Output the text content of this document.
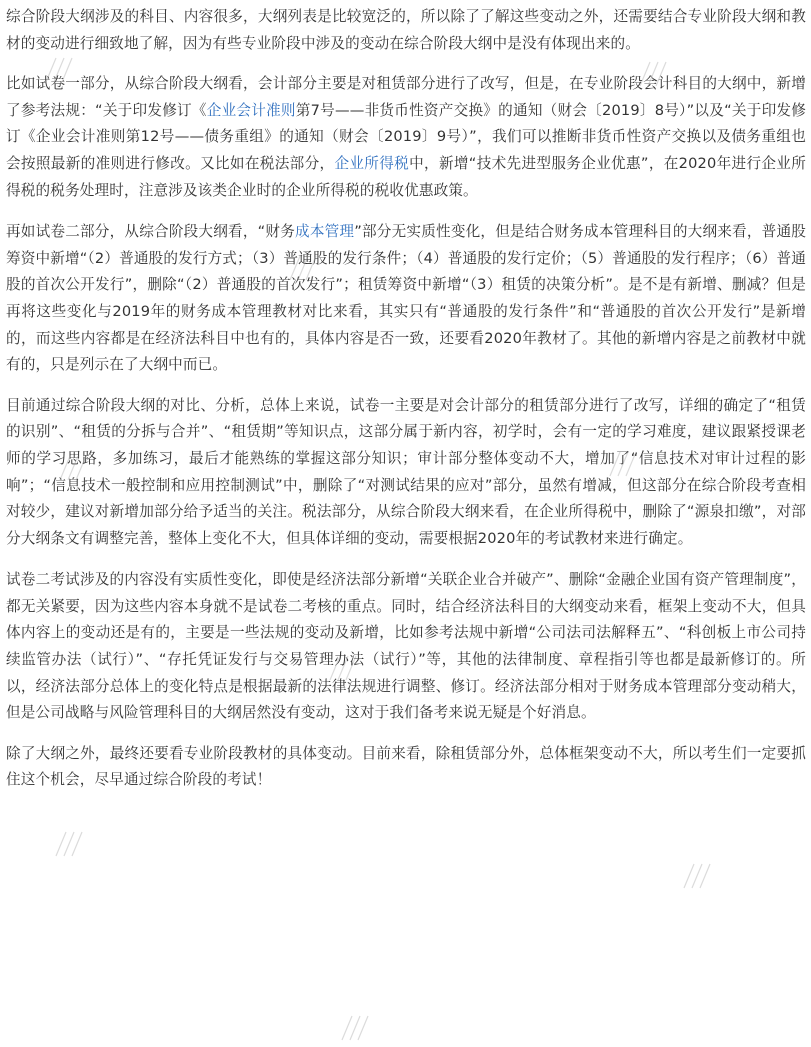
综合阶段大纲涉及的科目、内容很多，大纲列表是比较宽泛的，所以除了了解这些变动之外，还需要结合专业阶段大纲和教材的变动进行细致地了解，因为有些专业阶段中涉及的变动在综合阶段大纲中是没有体现出来的。

比如试卷一部分，从综合阶段大纲看，会计部分主要是对租赁部分进行了改写，但是，在专业阶段会计科目的大纲中，新增了参考法规：“关于印发修订《企业会计准则第7号——非货币性资产交换》的通知（财会〔2019〕8号）”以及“关于印发修订《企业会计准则第12号——债务重组》的通知（财会〔2019〕9号）”，我们可以推断非货币性资产交换以及债务重组也会按照最新的准则进行修改。又比如在税法部分，企业所得税中，新增“技术先进型服务企业优惠”，在2020年进行企业所得税的税务处理时，注意涉及该类企业时的企业所得税的税收优惠政策。

再如试卷二部分，从综合阶段大纲看，“财务成本管理”部分无实质性变化，但是结合财务成本管理科目的大纲来看，普通股筹资中新增“（2）普通股的发行方式；（3）普通股的发行条件；（4）普通股的发行定价；（5）普通股的发行程序；（6）普通股的首次公开发行”，删除“（2）普通股的首次发行”；租赁筹资中新增“（3）租赁的决策分析”。是不是有新增、删减？但是再将这些变化与2019年的财务成本管理教材对比来看，其实只有“普通股的发行条件”和“普通股的首次公开发行”是新增的，而这些内容都是在经济法科目中也有的，具体内容是否一致，还要看2020年教材了。其他的新增内容是之前教材中就有的，只是列示在了大纲中而已。

目前通过综合阶段大纲的对比、分析，总体上来说，试卷一主要是对会计部分的租赁部分进行了改写，详细的确定了“租赁的识别”、“租赁的分拆与合并”、“租赁期”等知识点，这部分属于新内容，初学时，会有一定的学习难度，建议跟紧授课老师的学习思路，多加练习，最后才能熟练的掌握这部分知识；审计部分整体变动不大，增加了“信息技术对审计过程的影响”；“信息技术一般控制和应用控制测试”中，删除了“对测试结果的应对”部分，虽然有增减，但这部分在综合阶段考查相对较少，建议对新增加部分给予适当的关注。税法部分，从综合阶段大纲来看，在企业所得税中，删除了“源泉扣缴”，对部分大纲条文有调整完善，整体上变化不大，但具体详细的变动，需要根据2020年的考试教材来进行确定。

试卷二考试涉及的内容没有实质性变化，即使是经济法部分新增“关联企业合并破产”、删除“金融企业国有资产管理制度”，都无关紧要，因为这些内容本身就不是试卷二考核的重点。同时，结合经济法科目的大纲变动来看，框架上变动不大，但具体内容上的变动还是有的，主要是一些法规的变动及新增，比如参考法规中新增“公司法司法解释五”、“科创板上市公司持续监管办法（试行）”、“存托凭证发行与交易管理办法（试行）”等，其他的法律制度、章程指引等也都是最新修订的。所以，经济法部分总体上的变化特点是根据最新的法律法规进行调整、修订。经济法部分相对于财务成本管理部分变动稍大，但是公司战略与风险管理科目的大纲居然没有变动，这对于我们备考来说无疑是个好消息。

除了大纲之外，最终还要看专业阶段教材的具体变动。目前来看，除租赁部分外，总体框架变动不大，所以考生们一定要抓住这个机会，尽早通过综合阶段的考试！
